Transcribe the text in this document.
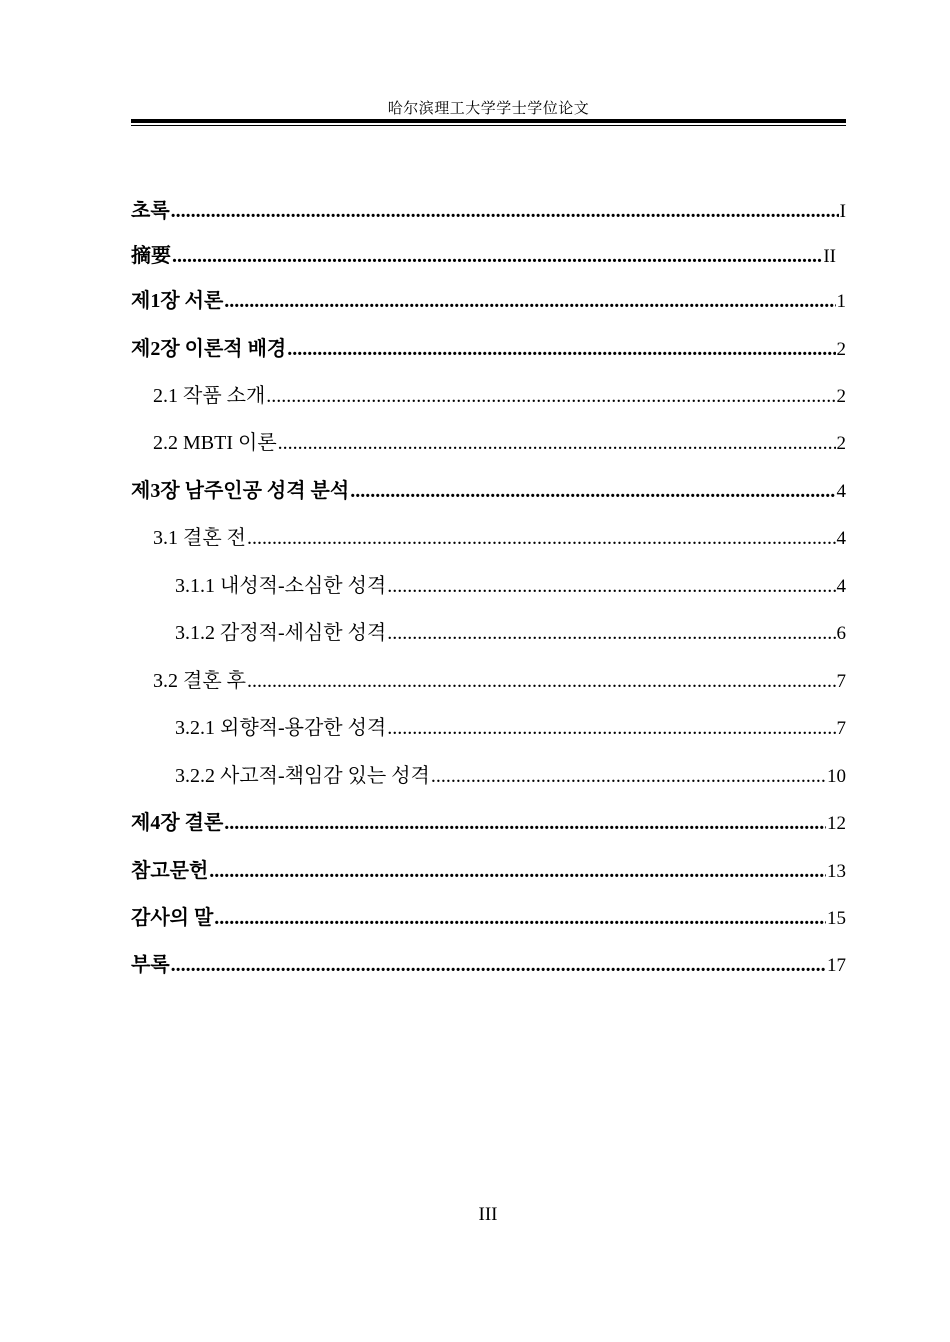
哈尔滨理工大学学士学位论文
초록 .....	I
摘要 .....	II
제1장 서론 .....	1
제2장 이론적 배경 .....	2
2.1 작품 소개 .....	2
2.2 MBTI 이론 .....	2
제3장 남주인공 성격 분석 .....	4
3.1 결혼 전 .....	4
3.1.1 내성적-소심한 성격 .....	4
3.1.2 감정적-세심한 성격 .....	6
3.2 결혼 후 .....	7
3.2.1 외향적-용감한 성격 .....	7
3.2.2 사고적-책임감 있는 성격 .....	10
제4장 결론 .....	12
참고문헌 .....	13
감사의 말 .....	15
부록 .....	17
III
